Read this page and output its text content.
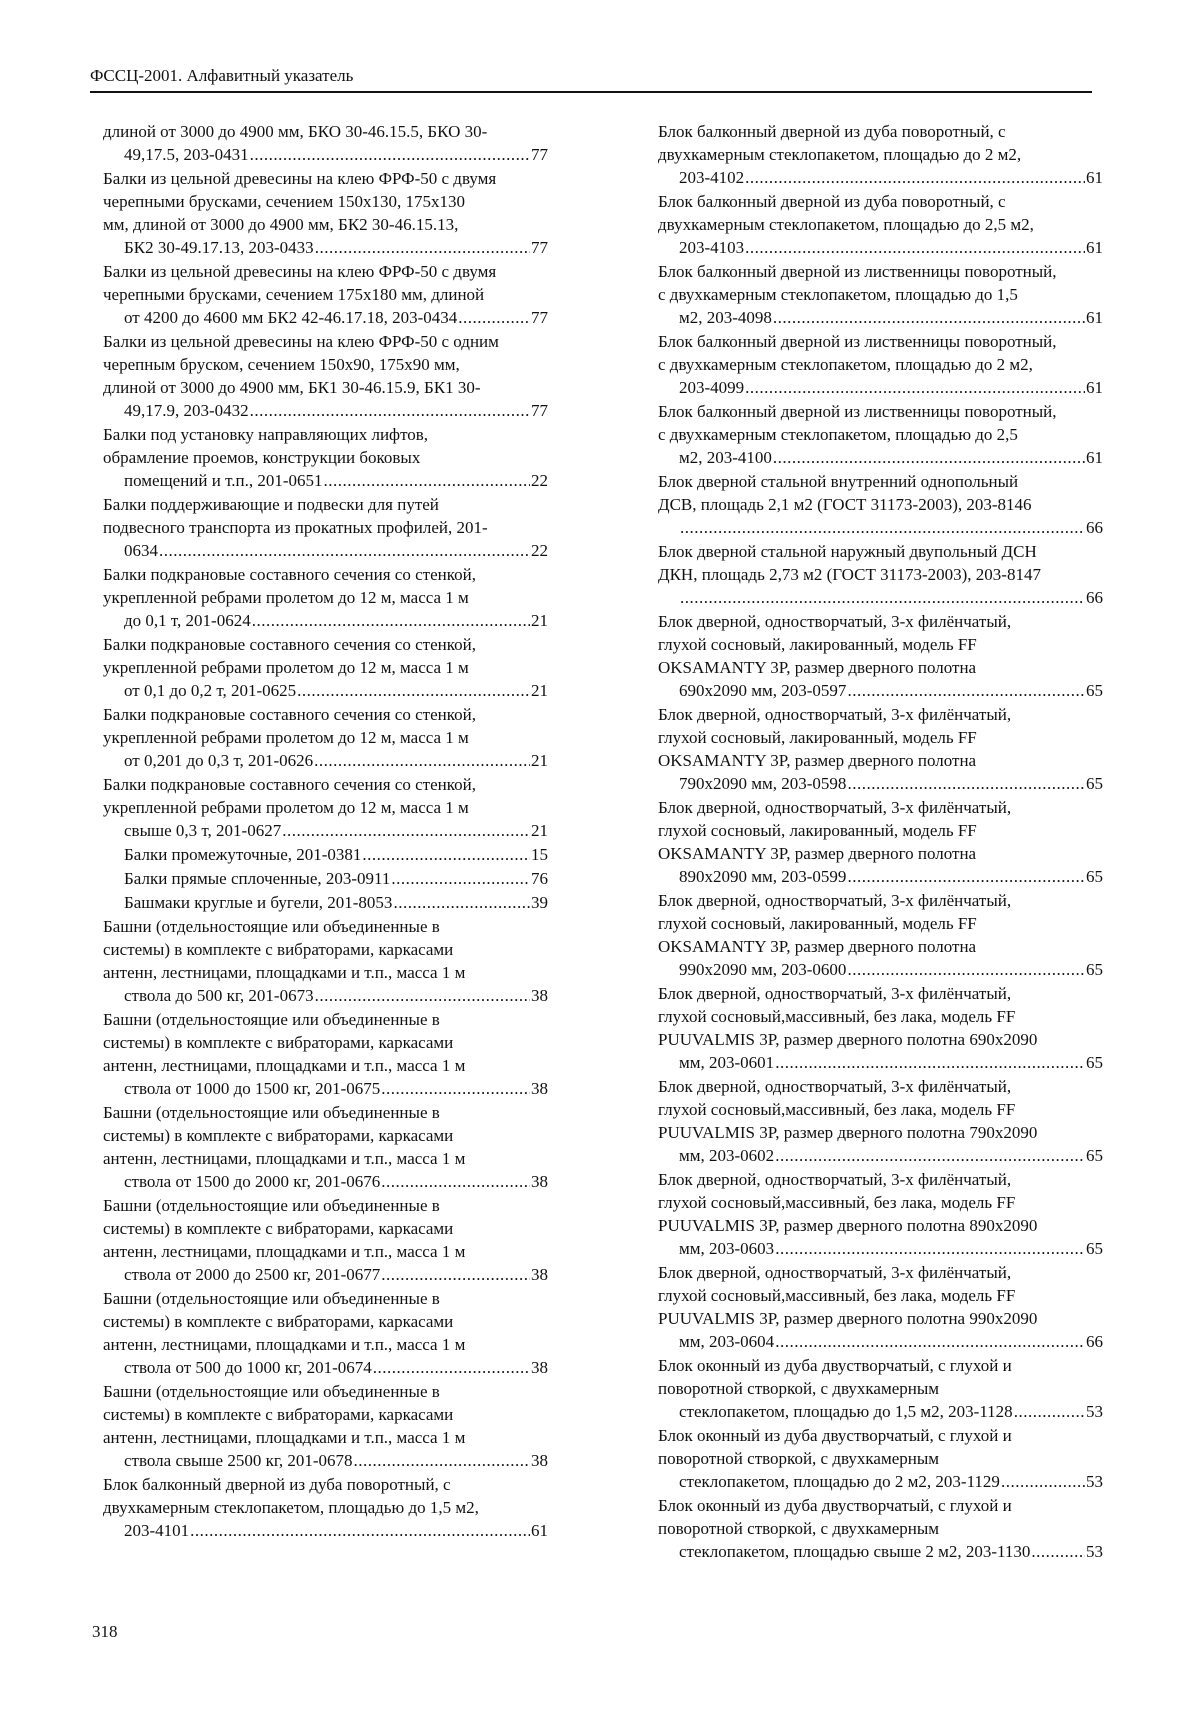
ФССЦ-2001. Алфавитный указатель
длиной от 3000 до 4900 мм, БКО 30-46.15.5, БКО 30-
49,17.5, 203-0431 .....	77
Балки из цельной древесины на клею ФРФ-50 с двумя
черепными брусками, сечением 150х130, 175х130
мм, длиной от 3000 до 4900 мм, БК2 30-46.15.13,
БК2 30-49.17.13, 203-0433 .....	77
Балки из цельной древесины на клею ФРФ-50 с двумя
черепными брусками, сечением 175х180 мм, длиной
от 4200 до 4600 мм БК2 42-46.17.18, 203-0434 .....	77
Балки из цельной древесины на клею ФРФ-50 с одним
черепным бруском, сечением 150х90, 175х90 мм,
длиной от 3000 до 4900 мм, БК1 30-46.15.9, БК1 30-
49,17.9, 203-0432 .....	77
Балки под установку направляющих лифтов,
обрамление проемов, конструкции боковых
помещений и т.п., 201-0651 .....	22
Балки поддерживающие и подвески для путей
подвесного транспорта из прокатных профилей, 201-
0634 .....	22
Балки подкрановые составного сечения со стенкой,
укрепленной ребрами пролетом до 12 м, масса 1 м
до 0,1 т, 201-0624 .....	21
Балки подкрановые составного сечения со стенкой,
укрепленной ребрами пролетом до 12 м, масса 1 м
от 0,1 до 0,2 т, 201-0625 .....	21
Балки подкрановые составного сечения со стенкой,
укрепленной ребрами пролетом до 12 м, масса 1 м
от 0,201 до 0,3 т, 201-0626 .....	21
Балки подкрановые составного сечения со стенкой,
укрепленной ребрами пролетом до 12 м, масса 1 м
свыше 0,3 т, 201-0627 .....	21
Балки промежуточные, 201-0381 .....	15
Балки прямые сплоченные, 203-0911 .....	76
Башмаки круглые и бугели, 201-8053 .....	39
Башни (отдельностоящие или объединенные в
системы) в комплекте с вибраторами, каркасами
антенн, лестницами, площадками и т.п., масса 1 м
ствола до 500 кг, 201-0673 .....	38
Башни (отдельностоящие или объединенные в
системы) в комплекте с вибраторами, каркасами
антенн, лестницами, площадками и т.п., масса 1 м
ствола от 1000 до 1500 кг, 201-0675 .....	38
Башни (отдельностоящие или объединенные в
системы) в комплекте с вибраторами, каркасами
антенн, лестницами, площадками и т.п., масса 1 м
ствола от 1500 до 2000 кг, 201-0676 .....	38
Башни (отдельностоящие или объединенные в
системы) в комплекте с вибраторами, каркасами
антенн, лестницами, площадками и т.п., масса 1 м
ствола от 2000 до 2500 кг, 201-0677 .....	38
Башни (отдельностоящие или объединенные в
системы) в комплекте с вибраторами, каркасами
антенн, лестницами, площадками и т.п., масса 1 м
ствола от 500 до 1000 кг, 201-0674 .....	38
Башни (отдельностоящие или объединенные в
системы) в комплекте с вибраторами, каркасами
антенн, лестницами, площадками и т.п., масса 1 м
ствола свыше 2500 кг, 201-0678 .....	38
Блок балконный дверной из дуба поворотный, с
двухкамерным стеклопакетом, площадью до 1,5 м2,
203-4101 .....	61
Блок балконный дверной из дуба поворотный, с
двухкамерным стеклопакетом, площадью до 2 м2,
203-4102 .....	61
Блок балконный дверной из дуба поворотный, с
двухкамерным стеклопакетом, площадью до 2,5 м2,
203-4103 .....	61
Блок балконный дверной из лиственницы поворотный,
с двухкамерным стеклопакетом, площадью до 1,5
м2, 203-4098 .....	61
Блок балконный дверной из лиственницы поворотный,
с двухкамерным стеклопакетом, площадью до 2 м2,
203-4099 .....	61
Блок балконный дверной из лиственницы поворотный,
с двухкамерным стеклопакетом, площадью до 2,5
м2, 203-4100 .....	61
Блок дверной стальной внутренний однопольный
ДСВ, площадь 2,1 м2 (ГОСТ 31173-2003), 203-8146
.....
66
Блок дверной стальной наружный двупольный ДСН
ДКН, площадь 2,73 м2 (ГОСТ 31173-2003), 203-8147
.....
66
Блок дверной, одностворчатый, 3-х филёнчатый,
глухой сосновый, лакированный, модель FF
OKSAMANTY 3P, размер дверного полотна
690х2090 мм, 203-0597 .....	65
Блок дверной, одностворчатый, 3-х филёнчатый,
глухой сосновый, лакированный, модель FF
OKSAMANTY 3P, размер дверного полотна
790х2090 мм, 203-0598 .....	65
Блок дверной, одностворчатый, 3-х филёнчатый,
глухой сосновый, лакированный, модель FF
OKSAMANTY 3P, размер дверного полотна
890х2090 мм, 203-0599 .....	65
Блок дверной, одностворчатый, 3-х филёнчатый,
глухой сосновый, лакированный, модель FF
OKSAMANTY 3P, размер дверного полотна
990х2090 мм, 203-0600 .....	65
Блок дверной, одностворчатый, 3-х филёнчатый,
глухой сосновый,массивный, без лака, модель FF
PUUVALMIS 3P, размер дверного полотна 690х2090
мм, 203-0601 .....	65
Блок дверной, одностворчатый, 3-х филёнчатый,
глухой сосновый,массивный, без лака, модель FF
PUUVALMIS 3P, размер дверного полотна 790х2090
мм, 203-0602 .....	65
Блок дверной, одностворчатый, 3-х филёнчатый,
глухой сосновый,массивный, без лака, модель FF
PUUVALMIS 3P, размер дверного полотна 890х2090
мм, 203-0603 .....	65
Блок дверной, одностворчатый, 3-х филёнчатый,
глухой сосновый,массивный, без лака, модель FF
PUUVALMIS 3P, размер дверного полотна 990х2090
мм, 203-0604 .....	66
Блок оконный из дуба двустворчатый, с глухой и
поворотной створкой, с двухкамерным
стеклопакетом, площадью до 1,5 м2, 203-1128 .....	53
Блок оконный из дуба двустворчатый, с глухой и
поворотной створкой, с двухкамерным
стеклопакетом, площадью до 2 м2, 203-1129 .....	53
Блок оконный из дуба двустворчатый, с глухой и
поворотной створкой, с двухкамерным
стеклопакетом, площадью свыше 2 м2, 203-1130 .....	53
318
